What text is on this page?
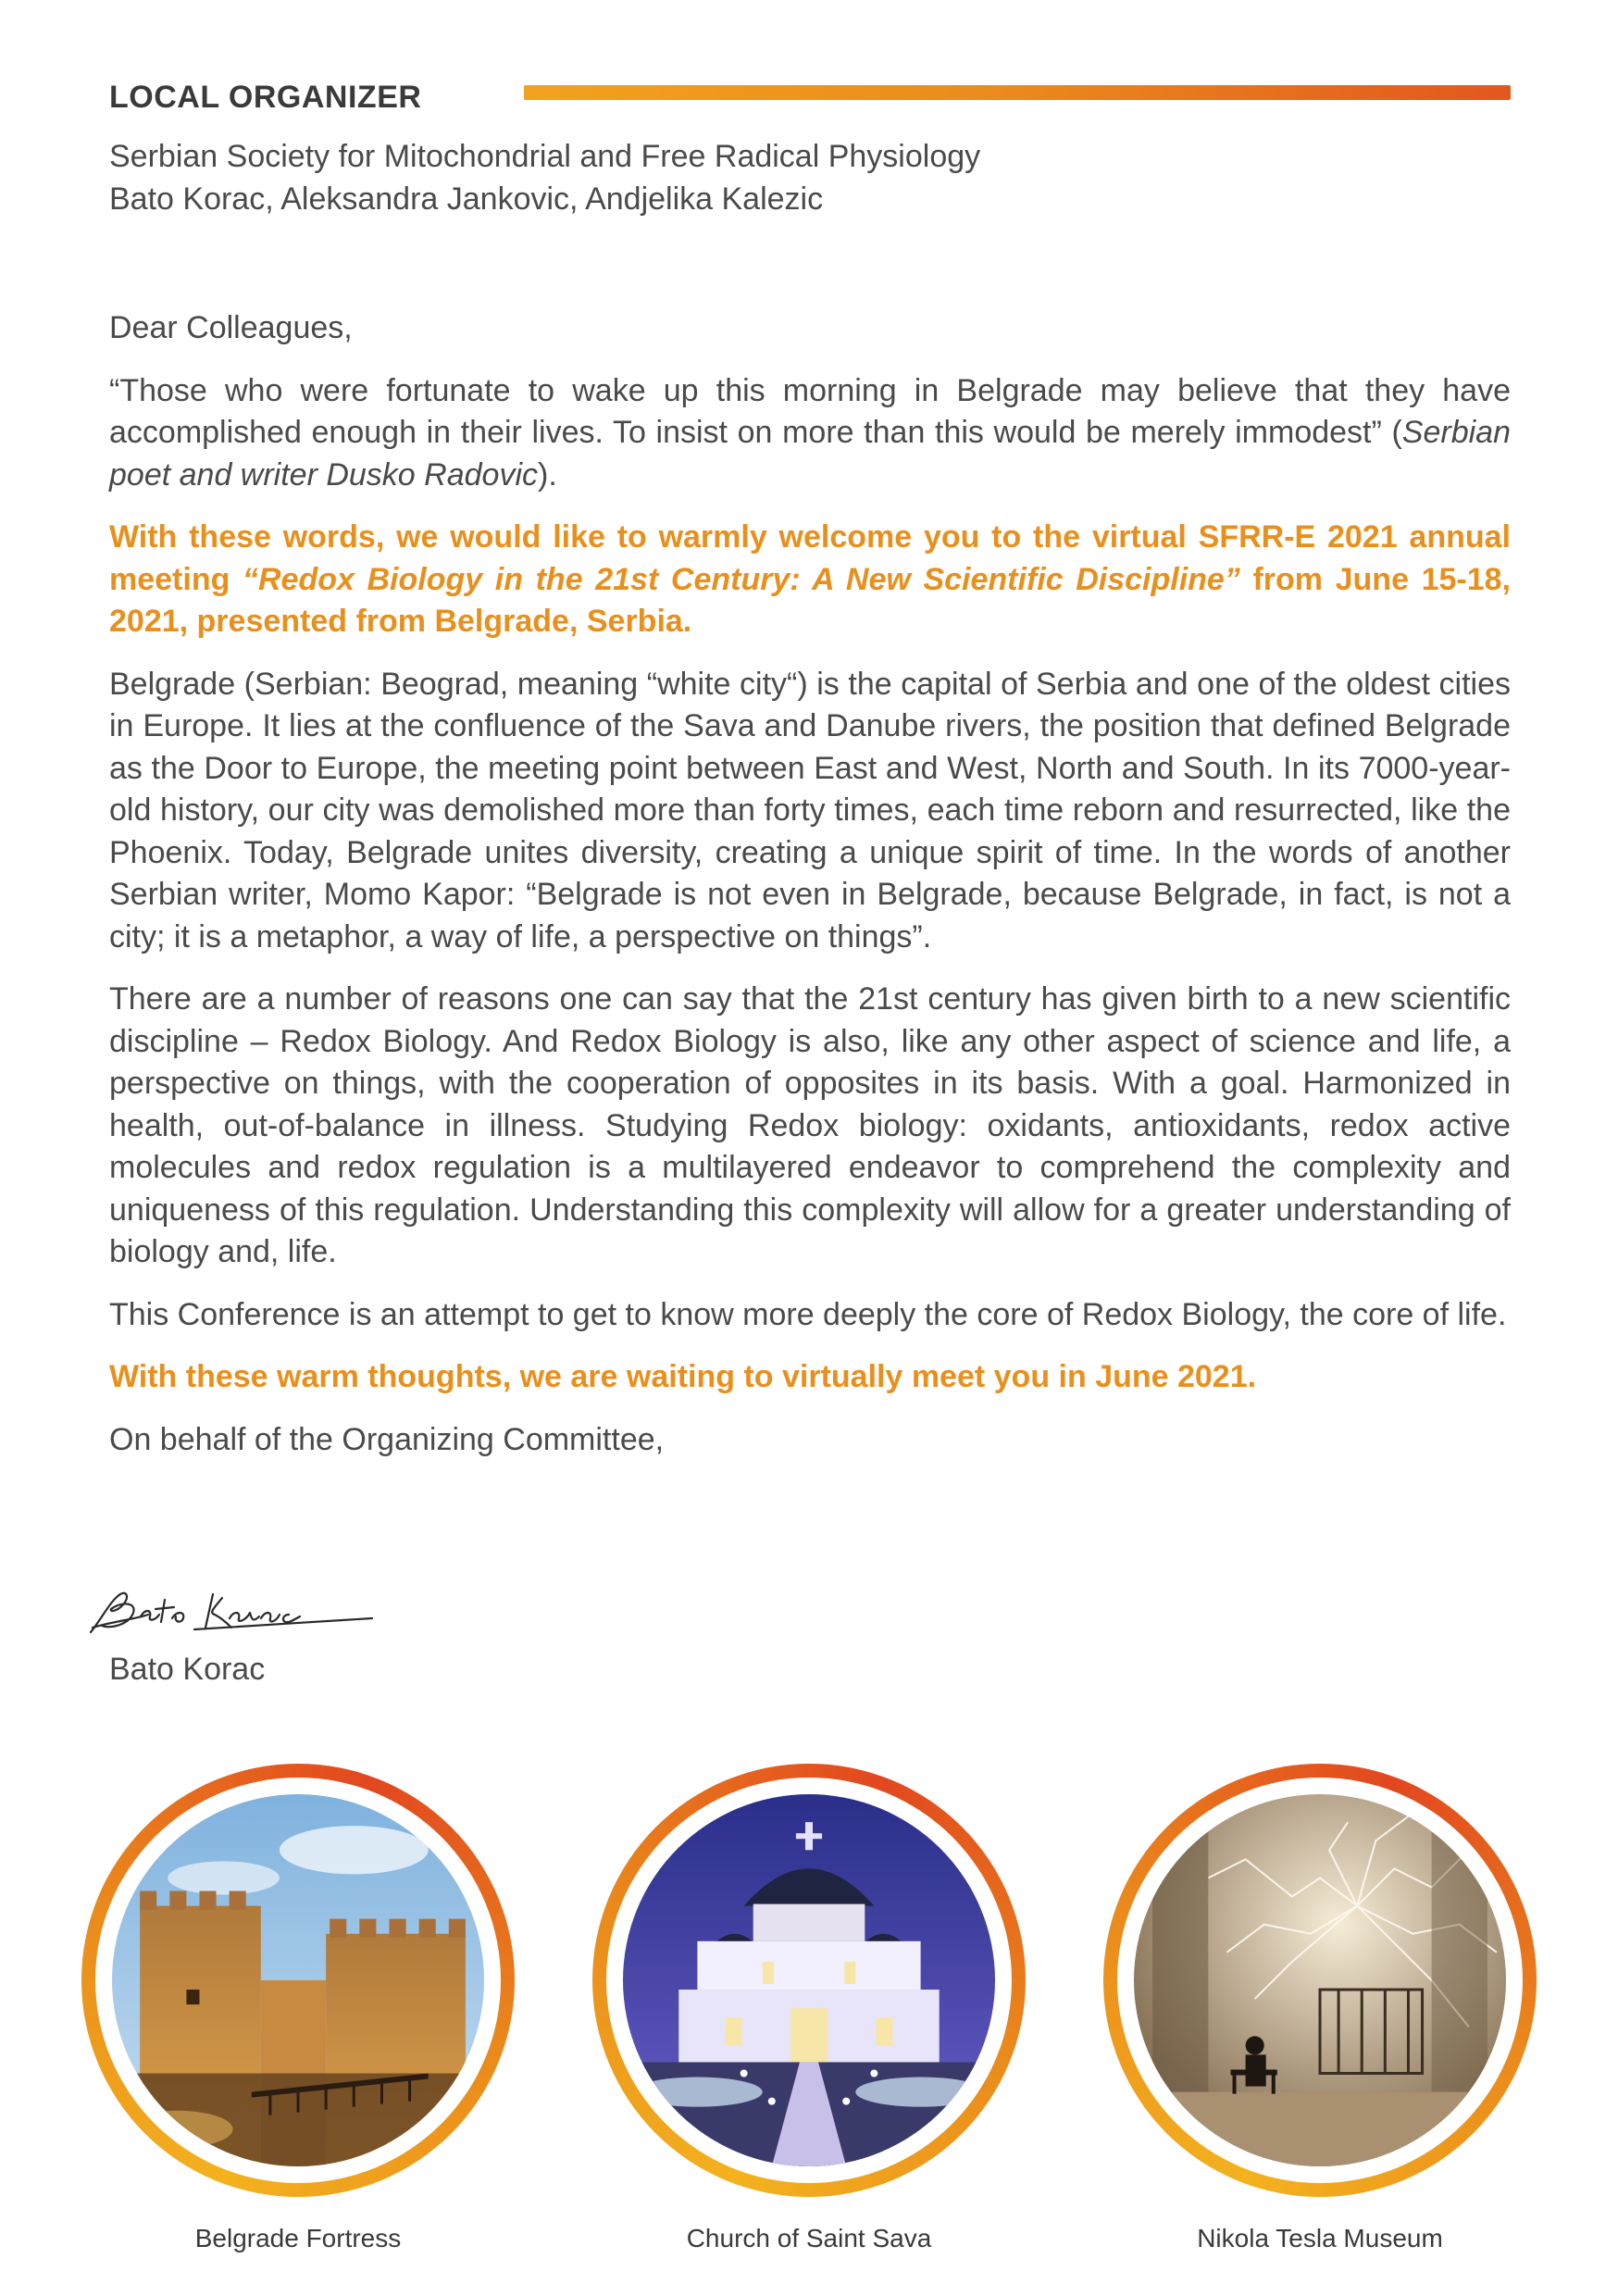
LOCAL ORGANIZER
Serbian Society for Mitochondrial and Free Radical Physiology
Bato Korac, Aleksandra Jankovic, Andjelika Kalezic

Dear Colleagues,

“Those who were fortunate to wake up this morning in Belgrade may believe that they have accomplished enough in their lives. To insist on more than this would be merely immodest” (Serbian poet and writer Dusko Radovic).

With these words, we would like to warmly welcome you to the virtual SFRR-E 2021 annual meeting “Redox Biology in the 21st Century: A New Scientific Discipline” from June 15-18, 2021, presented from Belgrade, Serbia.

Belgrade (Serbian: Beograd, meaning “white city“) is the capital of Serbia and one of the oldest cities in Europe. It lies at the confluence of the Sava and Danube rivers, the position that defined Belgrade as the Door to Europe, the meeting point between East and West, North and South. In its 7000-year-old history, our city was demolished more than forty times, each time reborn and resurrected, like the Phoenix. Today, Belgrade unites diversity, creating a unique spirit of time. In the words of another Serbian writer, Momo Kapor: “Belgrade is not even in Belgrade, because Belgrade, in fact, is not a city; it is a metaphor, a way of life, a perspective on things”.

There are a number of reasons one can say that the 21st century has given birth to a new scientific discipline – Redox Biology. And Redox Biology is also, like any other aspect of science and life, a perspective on things, with the cooperation of opposites in its basis. With a goal. Harmonized in health, out-of-balance in illness. Studying Redox biology: oxidants, antioxidants, redox active molecules and redox regulation is a multilayered endeavor to comprehend the complexity and uniqueness of this regulation. Understanding this complexity will allow for a greater understanding of biology and, life.

This Conference is an attempt to get to know more deeply the core of Redox Biology, the core of life.

With these warm thoughts, we are waiting to virtually meet you in June 2021.

On behalf of the Organizing Committee,

Bato Korac
Belgrade Fortress	Church of Saint Sava	Nikola Tesla Museum
